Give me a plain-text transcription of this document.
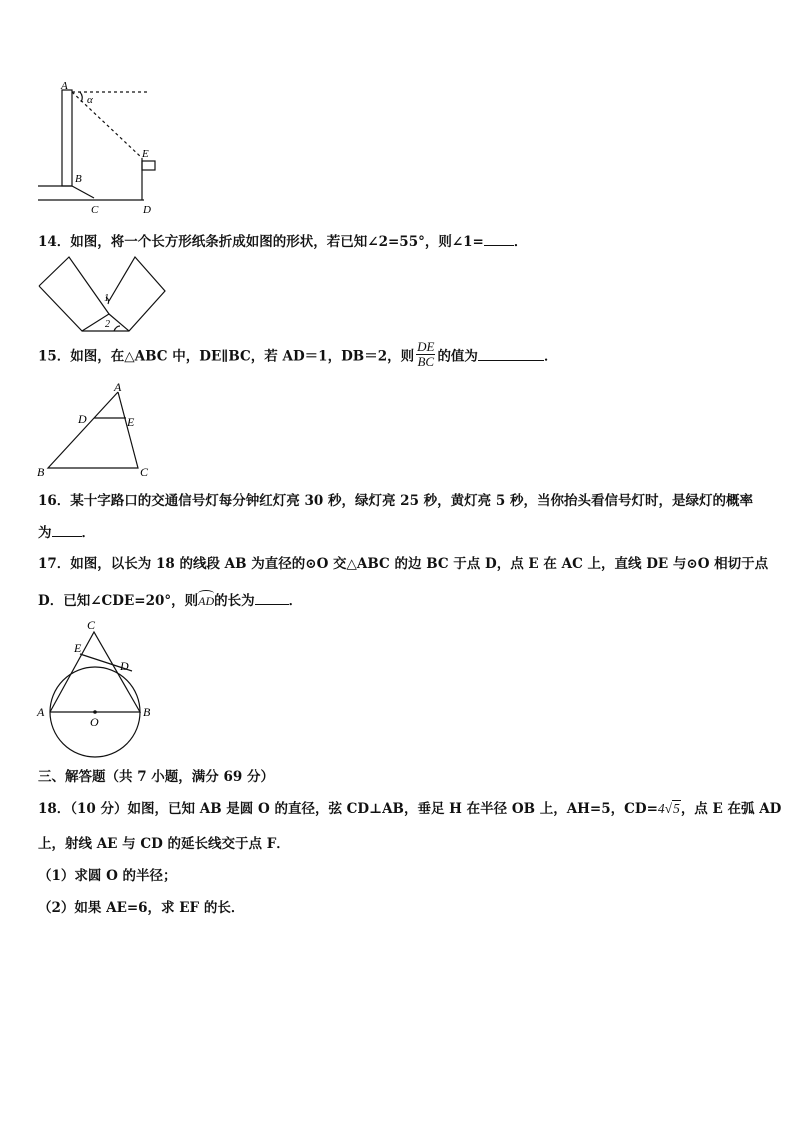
A
α
E
B
C	D
14．如图，将一个长方形纸条折成如图的形状，若已知∠2=55°，则∠1= ．
1
2
15．如图，在△ABC 中，DE∥BC，若 AD＝1，DB＝2，则 $\frac{DE}{BC}$ 的值为	．
A
D	E
B	C
16．某十字路口的交通信号灯每分钟红灯亮 30 秒，绿灯亮 25 秒，黄灯亮 5 秒，当你抬头看信号灯时，是绿灯的概率
为 ．
17．如图，以长为 18 的线段 AB 为直径的⊙O 交△ABC 的边 BC 于点 D，点 E 在 AC 上，直线 DE 与⊙O 相切于点
D．已知∠CDE=20°，则AD的长为	．
C
E
D
A
O
B
三、解答题（共 7 小题，满分 69 分）
18．（10 分）如图，已知 AB 是圆 O 的直径，弦 CD⊥AB，垂足 H 在半径 OB 上，AH=5，CD=4√5，点 E 在弧 AD
上，射线 AE 与 CD 的延长线交于点 F．
（1）求圆 O 的半径；
（2）如果 AE=6，求 EF 的长．
